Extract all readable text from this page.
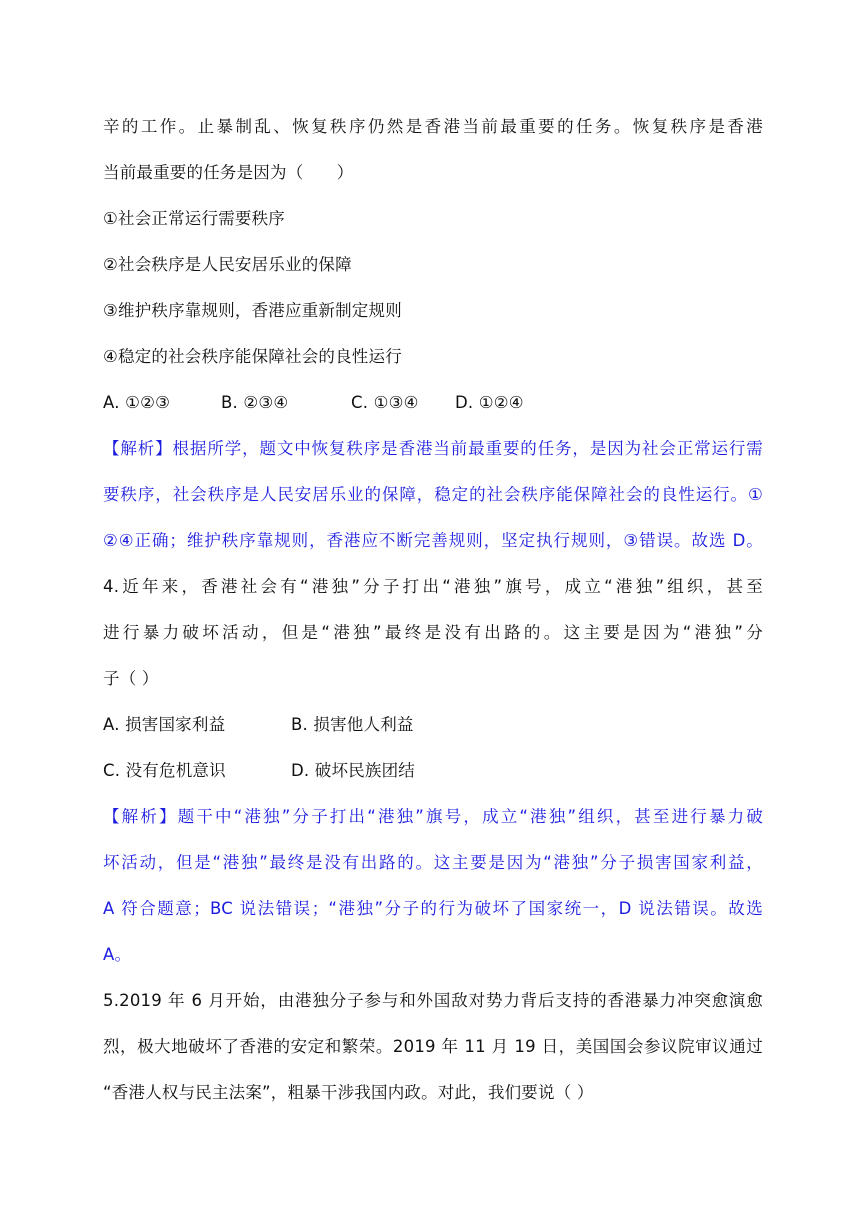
辛的工作。止暴制乱、恢复秩序仍然是香港当前最重要的任务。恢复秩序是香港
当前最重要的任务是因为（　　）
①社会正常运行需要秩序
②社会秩序是人民安居乐业的保障
③维护秩序靠规则，香港应重新制定规则
④稳定的社会秩序能保障社会的良性运行
A. ①②③	B. ②③④	C. ①③④ D. ①②④
【解析】根据所学，题文中恢复秩序是香港当前最重要的任务，是因为社会正常运行需
要秩序，社会秩序是人民安居乐业的保障，稳定的社会秩序能保障社会的良性运行。①
②④正确；维护秩序靠规则，香港应不断完善规则，坚定执行规则，③错误。故选 D。
4.近年来，香港社会有“港独”分子打出“港独”旗号，成立“港独”组织，甚至
进行暴力破坏活动，但是“港独”最终是没有出路的。这主要是因为“港独”分
子（ ）
A. 损害国家利益	B. 损害他人利益
C. 没有危机意识	D. 破坏民族团结
【解析】题干中“港独”分子打出“港独”旗号，成立“港独”组织，甚至进行暴力破
坏活动，但是“港独”最终是没有出路的。这主要是因为“港独”分子损害国家利益，
A 符合题意；BC 说法错误；“港独”分子的行为破坏了国家统一，D 说法错误。故选
A。
5.2019 年 6 月开始，由港独分子参与和外国敌对势力背后支持的香港暴力冲突愈演愈
烈，极大地破坏了香港的安定和繁荣。2019 年 11 月 19 日，美国国会参议院审议通过
“香港人权与民主法案”，粗暴干涉我国内政。对此，我们要说（ ）
